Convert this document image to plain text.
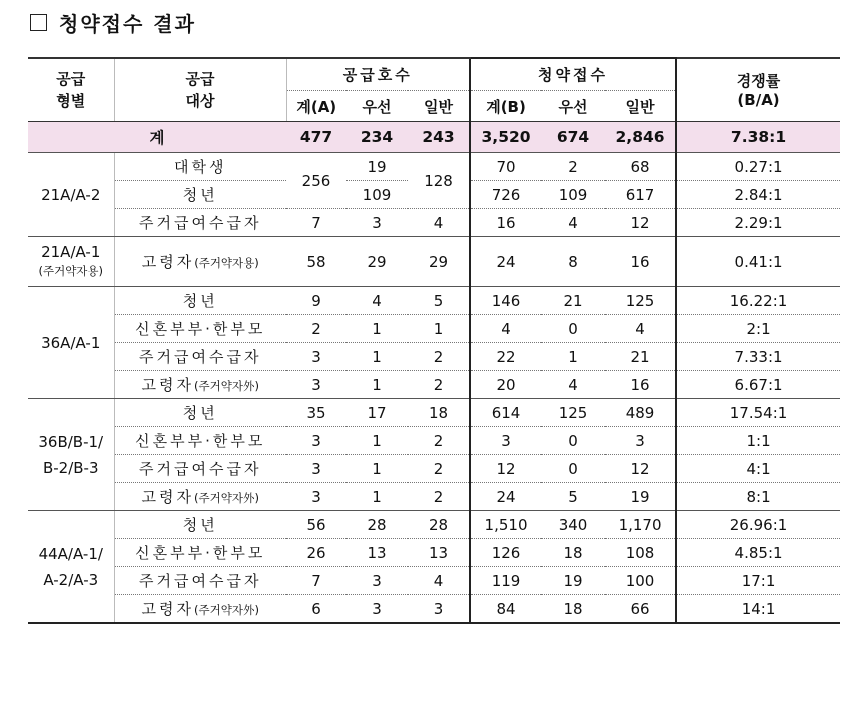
청약접수 결과
공급
형별	공급
대상	공급호수			청약접수			경쟁률
		계(A)	우선	일반	계(B)	우선	일반	(B/A)
계		477	234	243	3,520	674	2,846	7.38:1
21A/A-2	대학생	256	19	128	70	2	68	0.27:1
	청년		109		726	109	617	2.84:1
	주거급여수급자	7	3	4	16	4	12	2.29:1
21A/A-1
(주거약자용)	고령자(주거약자용)	58	29	29	24	8	16	0.41:1
36A/A-1	청년	9	4	5	146	21	125	16.22:1
	신혼부부·한부모	2	1	1	4	0	4	2:1
	주거급여수급자	3	1	2	22	1	21	7.33:1
	고령자(주거약자外)	3	1	2	20	4	16	6.67:1
36B/B-1/
B-2/B-3	청년	35	17	18	614	125	489	17.54:1
	신혼부부·한부모	3	1	2	3	0	3	1:1
	주거급여수급자	3	1	2	12	0	12	4:1
	고령자(주거약자外)	3	1	2	24	5	19	8:1
44A/A-1/
A-2/A-3	청년	56	28	28	1,510	340	1,170	26.96:1
	신혼부부·한부모	26	13	13	126	18	108	4.85:1
	주거급여수급자	7	3	4	119	19	100	17:1
	고령자(주거약자外)	6	3	3	84	18	66	14:1
